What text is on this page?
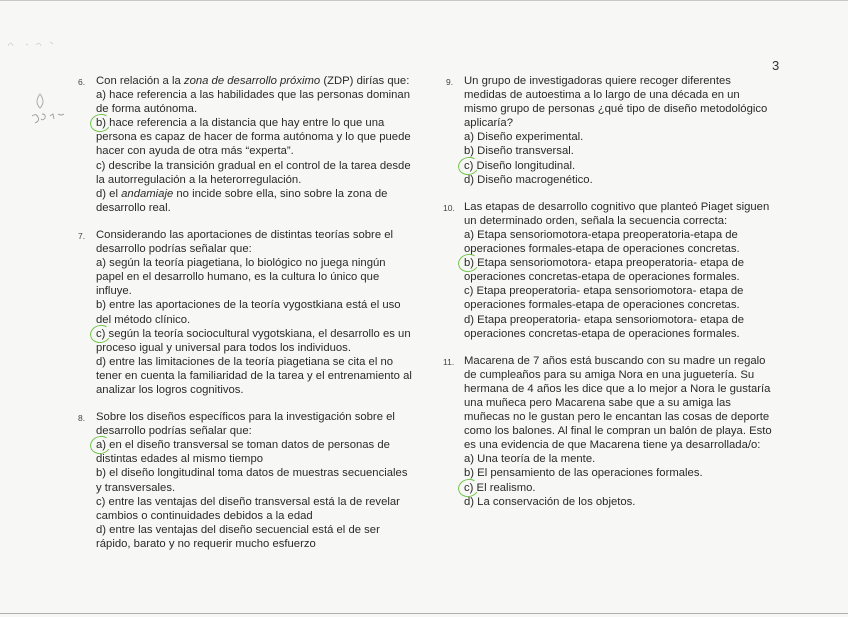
3
6. Con relación a la zona de desarrollo próximo (ZDP) dirías que:
a) hace referencia a las habilidades que las personas dominan de forma autónoma.
b) hace referencia a la distancia que hay entre lo que una persona es capaz de hacer de forma autónoma y lo que puede hacer con ayuda de otra más “experta”.
c) describe la transición gradual en el control de la tarea desde la autorregulación a la heterorregulación.
d) el andamiaje no incide sobre ella, sino sobre la zona de desarrollo real.
7. Considerando las aportaciones de distintas teorías sobre el desarrollo podrías señalar que:
a) según la teoría piagetiana, lo biológico no juega ningún papel en el desarrollo humano, es la cultura lo único que influye.
b) entre las aportaciones de la teoría vygostkiana está el uso del método clínico.
c) según la teoría sociocultural vygotskiana, el desarrollo es un proceso igual y universal para todos los individuos.
d) entre las limitaciones de la teoría piagetiana se cita el no tener en cuenta la familiaridad de la tarea y el entrenamiento al analizar los logros cognitivos.
8. Sobre los diseños específicos para la investigación sobre el desarrollo podrías señalar que:
a) en el diseño transversal se toman datos de personas de distintas edades al mismo tiempo
b) el diseño longitudinal toma datos de muestras secuenciales y transversales.
c) entre las ventajas del diseño transversal está la de revelar cambios o continuidades debidos a la edad
d) entre las ventajas del diseño secuencial está el de ser rápido, barato y no requerir mucho esfuerzo
9. Un grupo de investigadoras quiere recoger diferentes medidas de autoestima a lo largo de una década en un mismo grupo de personas ¿qué tipo de diseño metodológico aplicaría?
a) Diseño experimental.
b) Diseño transversal.
c) Diseño longitudinal.
d) Diseño macrogenético.
10. Las etapas de desarrollo cognitivo que planteó Piaget siguen un determinado orden, señala la secuencia correcta:
a) Etapa sensoriomotora-etapa preoperatoria-etapa de operaciones formales-etapa de operaciones concretas.
b) Etapa sensoriomotora- etapa preoperatoria- etapa de operaciones concretas-etapa de operaciones formales.
c) Etapa preoperatoria- etapa sensoriomotora- etapa de operaciones formales-etapa de operaciones concretas.
d) Etapa preoperatoria- etapa sensoriomotora- etapa de operaciones concretas-etapa de operaciones formales.
11. Macarena de 7 años está buscando con su madre un regalo de cumpleaños para su amiga Nora en una juguetería. Su hermana de 4 años les dice que a lo mejor a Nora le gustaría una muñeca pero Macarena sabe que a su amiga las muñecas no le gustan pero le encantan las cosas de deporte como los balones. Al final le compran un balón de playa. Esto es una evidencia de que Macarena tiene ya desarrollada/o:
a) Una teoría de la mente.
b) El pensamiento de las operaciones formales.
c) El realismo.
d) La conservación de los objetos.
